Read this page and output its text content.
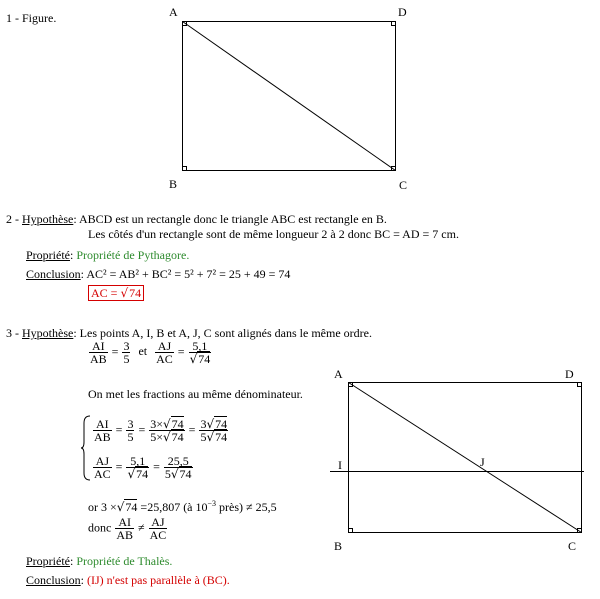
1 - Figure.	A	D
B	C
2 - Hypothèse: ABCD est un rectangle donc le triangle ABC est rectangle en B.
Les côtés d'un rectangle sont de même longueur 2 à 2 donc BC = AD = 7 cm.
Propriété: Propriété de Pythagore.
Conclusion: AC² = AB² + BC² = 5² + 7² = 25 + 49 = 74
AC = √74
3 - Hypothèse: Les points A, I, B et A, J, C sont alignés dans le même ordre.
$\frac{AI}{AB} = \frac{3}{5}$ et $\frac{AJ}{AC} = \frac{5,1}{√74}$
On met les fractions au même dénominateur.
$\frac{AI}{AB} = \frac{3}{5} = \frac{3\times√74}{5\times√74} = \frac{3√74}{5√74}$
$\frac{AJ}{AC} = \frac{5,1}{√74} = \frac{25,5}{5√74}$
or 3 ×√74 =25,807 (à $10^{-3}$ près) ≠ 25,5
donc $\frac{AI}{AB} \ne \frac{AJ}{AC}$
Propriété: Propriété de Thalès.
Conclusion: (IJ) n'est pas parallèle à (BC).
A	D
I	J
B	C
